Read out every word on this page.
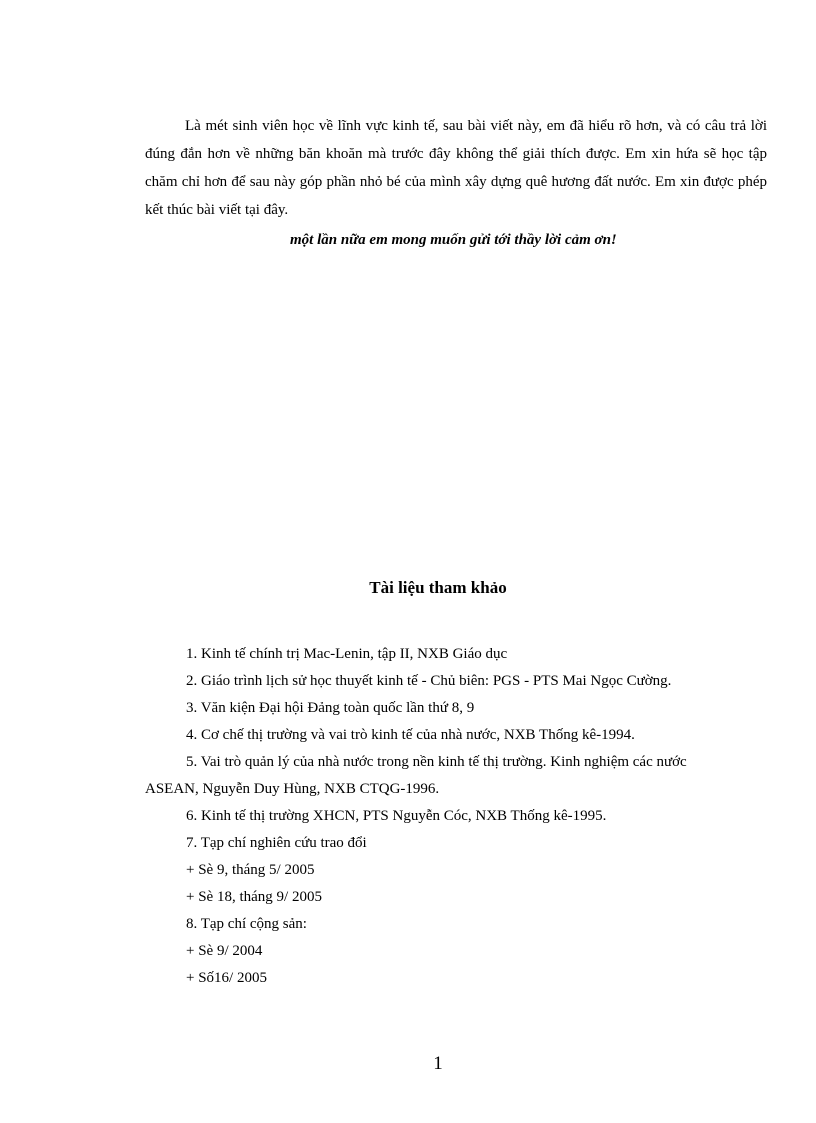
Là mét sinh viên học về lĩnh vực kinh tế, sau bài viết này, em đã hiểu rõ hơn, và có câu trả lời đúng đắn hơn về những băn khoăn mà trước đây không thể giải thích được. Em xin hứa sẽ học tập chăm chỉ hơn để sau này góp phần nhỏ bé của mình xây dựng quê hương đất nước. Em xin được phép kết thúc bài viết tại đây.

một lần nữa em mong muốn gửi tới thầy lời cảm ơn!

Tài liệu tham khảo
1. Kinh tế chính trị Mac-Lenin, tập II, NXB Giáo dục
2. Giáo trình lịch sử học thuyết kinh tế - Chủ biên: PGS - PTS Mai Ngọc Cường.
3. Văn kiện Đại hội Đảng toàn quốc lần thứ 8, 9
4. Cơ chế thị trường và vai trò kinh tế của nhà nước, NXB Thống kê-1994.
5. Vai trò quản lý của nhà nước trong nền kinh tế thị trường. Kinh nghiệm các nước
ASEAN, Nguyễn Duy Hùng, NXB CTQG-1996.
6. Kinh tế thị trường XHCN, PTS Nguyễn Cóc, NXB Thống kê-1995.
7. Tạp chí nghiên cứu trao đổi
+ Sè 9, tháng 5/ 2005
+ Sè 18, tháng 9/ 2005
8. Tạp chí cộng sản:
+ Sè 9/ 2004
+ Số16/ 2005
1
